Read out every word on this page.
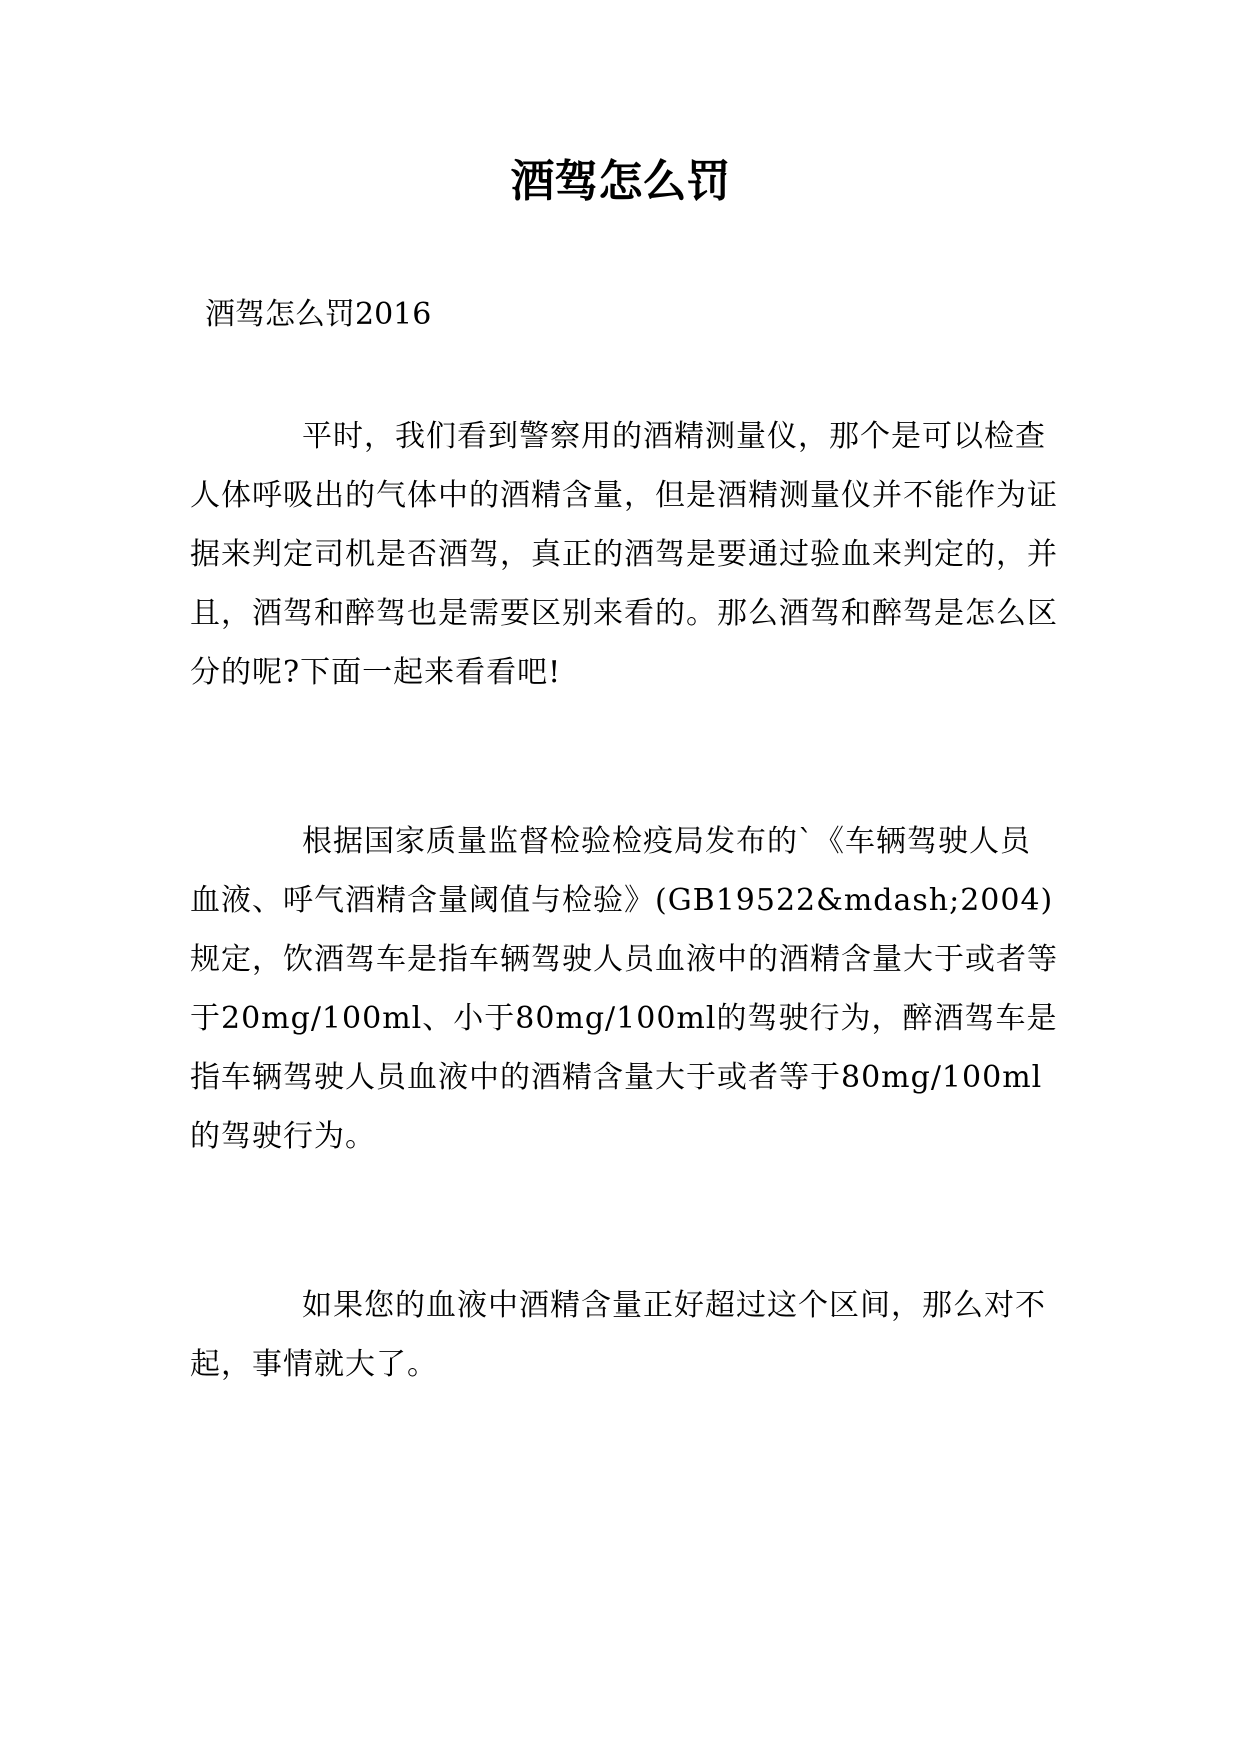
酒驾怎么罚

酒驾怎么罚2016

平时，我们看到警察用的酒精测量仪，那个是可以检查人体呼吸出的气体中的酒精含量，但是酒精测量仪并不能作为证据来判定司机是否酒驾，真正的酒驾是要通过验血来判定的，并且，酒驾和醉驾也是需要区别来看的。那么酒驾和醉驾是怎么区分的呢?下面一起来看看吧!

根据国家质量监督检验检疫局发布的`《车辆驾驶人员血液、呼气酒精含量阈值与检验》(GB19522&mdash;2004)规定，饮酒驾车是指车辆驾驶人员血液中的酒精含量大于或者等于20mg/100ml、小于80mg/100ml的驾驶行为，醉酒驾车是指车辆驾驶人员血液中的酒精含量大于或者等于80mg/100ml的驾驶行为。

如果您的血液中酒精含量正好超过这个区间，那么对不起，事情就大了。
